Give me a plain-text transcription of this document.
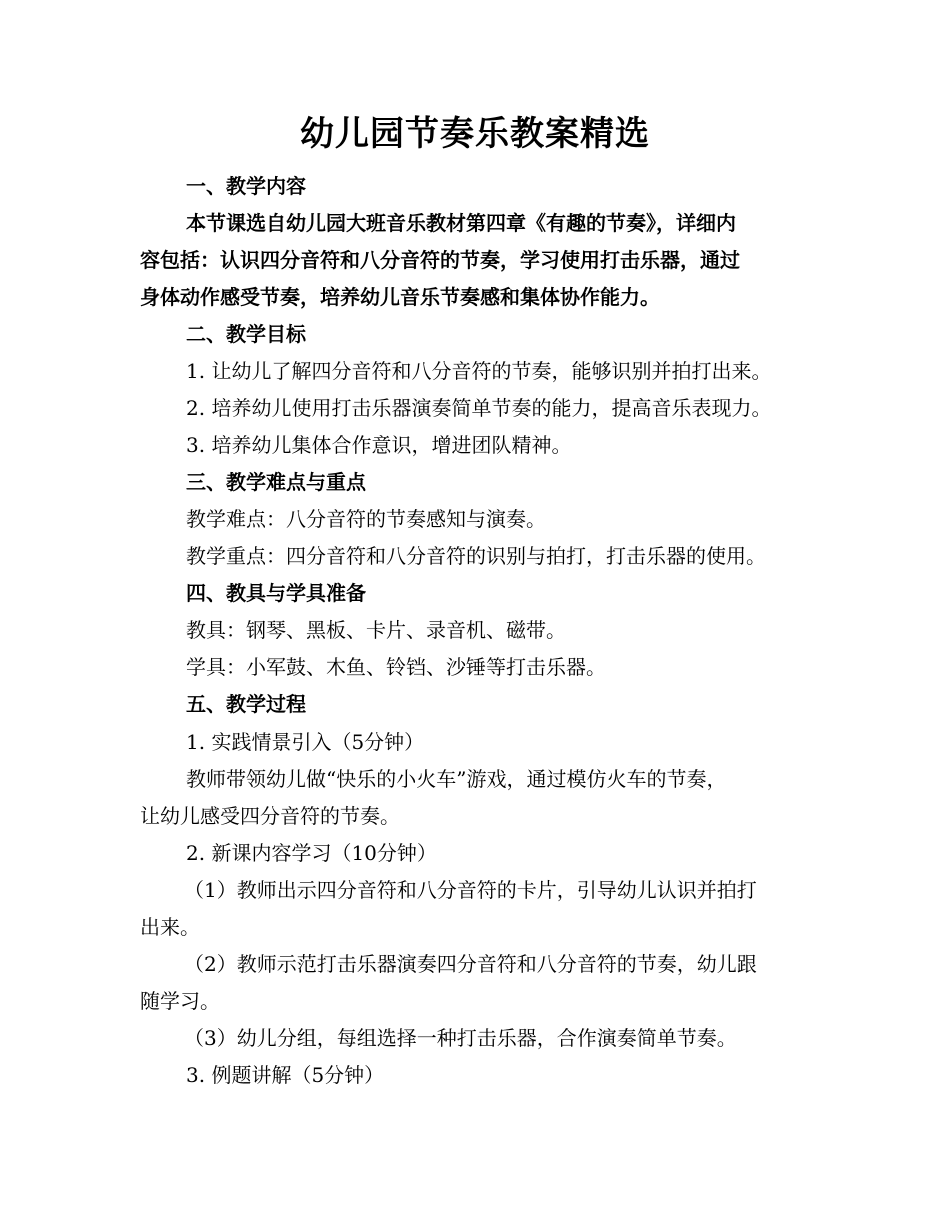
幼儿园节奏乐教案精选

一、教学内容

本节课选自幼儿园大班音乐教材第四章《有趣的节奏》，详细内

容包括：认识四分音符和八分音符的节奏，学习使用打击乐器，通过

身体动作感受节奏，培养幼儿音乐节奏感和集体协作能力。

二、教学目标

1. 让幼儿了解四分音符和八分音符的节奏，能够识别并拍打出来。

2. 培养幼儿使用打击乐器演奏简单节奏的能力，提高音乐表现力。

3. 培养幼儿集体合作意识，增进团队精神。

三、教学难点与重点

教学难点：八分音符的节奏感知与演奏。

教学重点：四分音符和八分音符的识别与拍打，打击乐器的使用。

四、教具与学具准备

教具：钢琴、黑板、卡片、录音机、磁带。

学具：小军鼓、木鱼、铃铛、沙锤等打击乐器。

五、教学过程

1. 实践情景引入（5分钟）

教师带领幼儿做“快乐的小火车”游戏，通过模仿火车的节奏，

让幼儿感受四分音符的节奏。

2. 新课内容学习（10分钟）

（1）教师出示四分音符和八分音符的卡片，引导幼儿认识并拍打

出来。

（2）教师示范打击乐器演奏四分音符和八分音符的节奏，幼儿跟

随学习。

（3）幼儿分组，每组选择一种打击乐器，合作演奏简单节奏。

3. 例题讲解（5分钟）
